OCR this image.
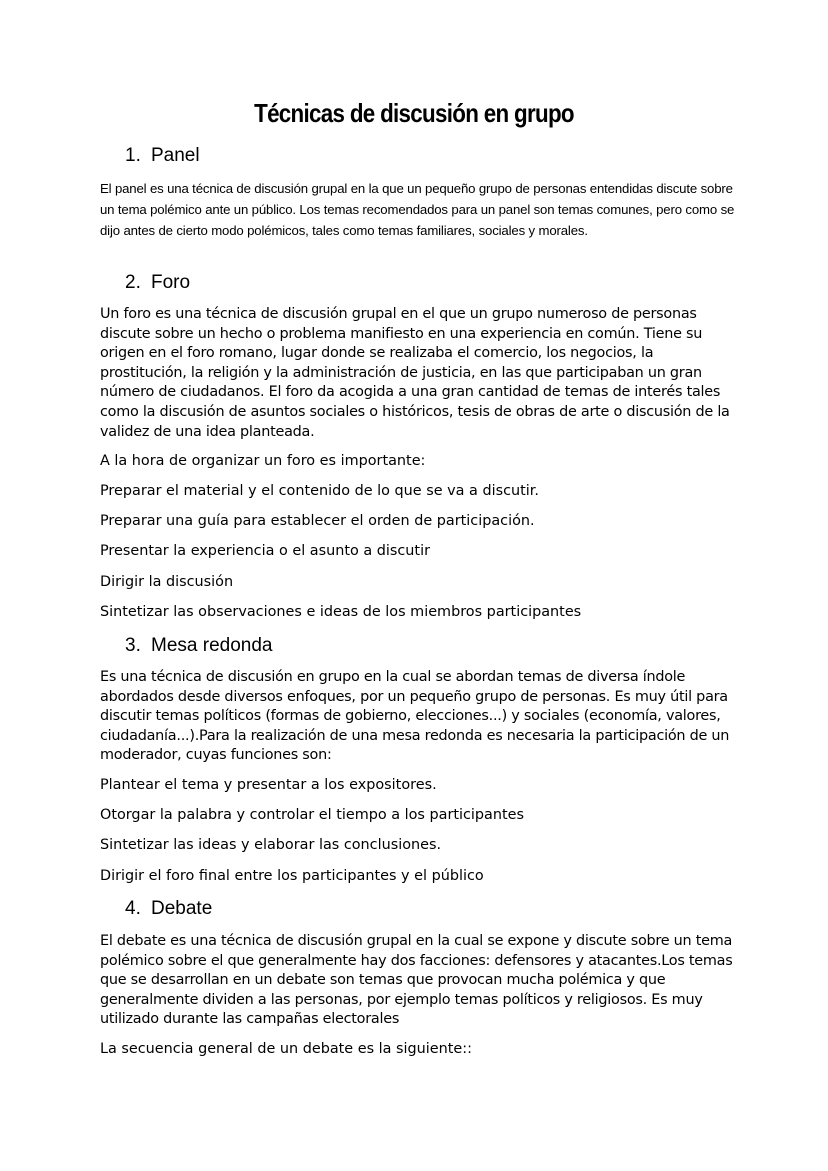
Técnicas de discusión en grupo
1. Panel

El panel es una técnica de discusión grupal en la que un pequeño grupo de personas entendidas discute sobre un tema polémico ante un público. Los temas recomendados para un panel son temas comunes, pero como se dijo antes de cierto modo polémicos, tales como temas familiares, sociales y morales.

2. Foro

Un foro es una técnica de discusión grupal en el que un grupo numeroso de personas discute sobre un hecho o problema manifiesto en una experiencia en común. Tiene su origen en el foro romano, lugar donde se realizaba el comercio, los negocios, la prostitución, la religión y la administración de justicia, en las que participaban un gran número de ciudadanos. El foro da acogida a una gran cantidad de temas de interés tales como la discusión de asuntos sociales o históricos, tesis de obras de arte o discusión de la validez de una idea planteada.

A la hora de organizar un foro es importante:
Preparar el material y el contenido de lo que se va a discutir.
Preparar una guía para establecer el orden de participación.
Presentar la experiencia o el asunto a discutir
Dirigir la discusión
Sintetizar las observaciones e ideas de los miembros participantes
3. Mesa redonda

Es una técnica de discusión en grupo en la cual se abordan temas de diversa índole abordados desde diversos enfoques, por un pequeño grupo de personas. Es muy útil para discutir temas políticos (formas de gobierno, elecciones...) y sociales (economía, valores, ciudadanía...).Para la realización de una mesa redonda es necesaria la participación de un moderador, cuyas funciones son:

Plantear el tema y presentar a los expositores.
Otorgar la palabra y controlar el tiempo a los participantes
Sintetizar las ideas y elaborar las conclusiones.
Dirigir el foro final entre los participantes y el público
4. Debate

El debate es una técnica de discusión grupal en la cual se expone y discute sobre un tema polémico sobre el que generalmente hay dos facciones: defensores y atacantes.Los temas que se desarrollan en un debate son temas que provocan mucha polémica y que generalmente dividen a las personas, por ejemplo temas políticos y religiosos. Es muy utilizado durante las campañas electorales

La secuencia general de un debate es la siguiente::
